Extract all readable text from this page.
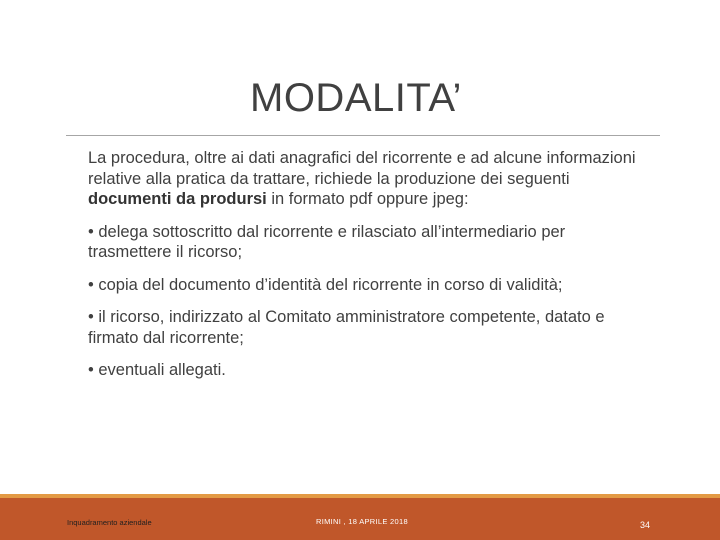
MODALITA’

La procedura, oltre ai dati anagrafici del ricorrente e ad alcune informazioni relative alla pratica da trattare, richiede la produzione dei seguenti documenti da prodursi in formato pdf oppure jpeg:

• delega sottoscritto dal ricorrente e rilasciato all’intermediario per trasmettere il ricorso;

• copia del documento d’identità del ricorrente in corso di validità;

• il ricorso, indirizzato al Comitato amministratore competente, datato e firmato dal ricorrente;

• eventuali allegati.

Inquadramento aziendale	RIMINI , 18 APRILE 2018	34
